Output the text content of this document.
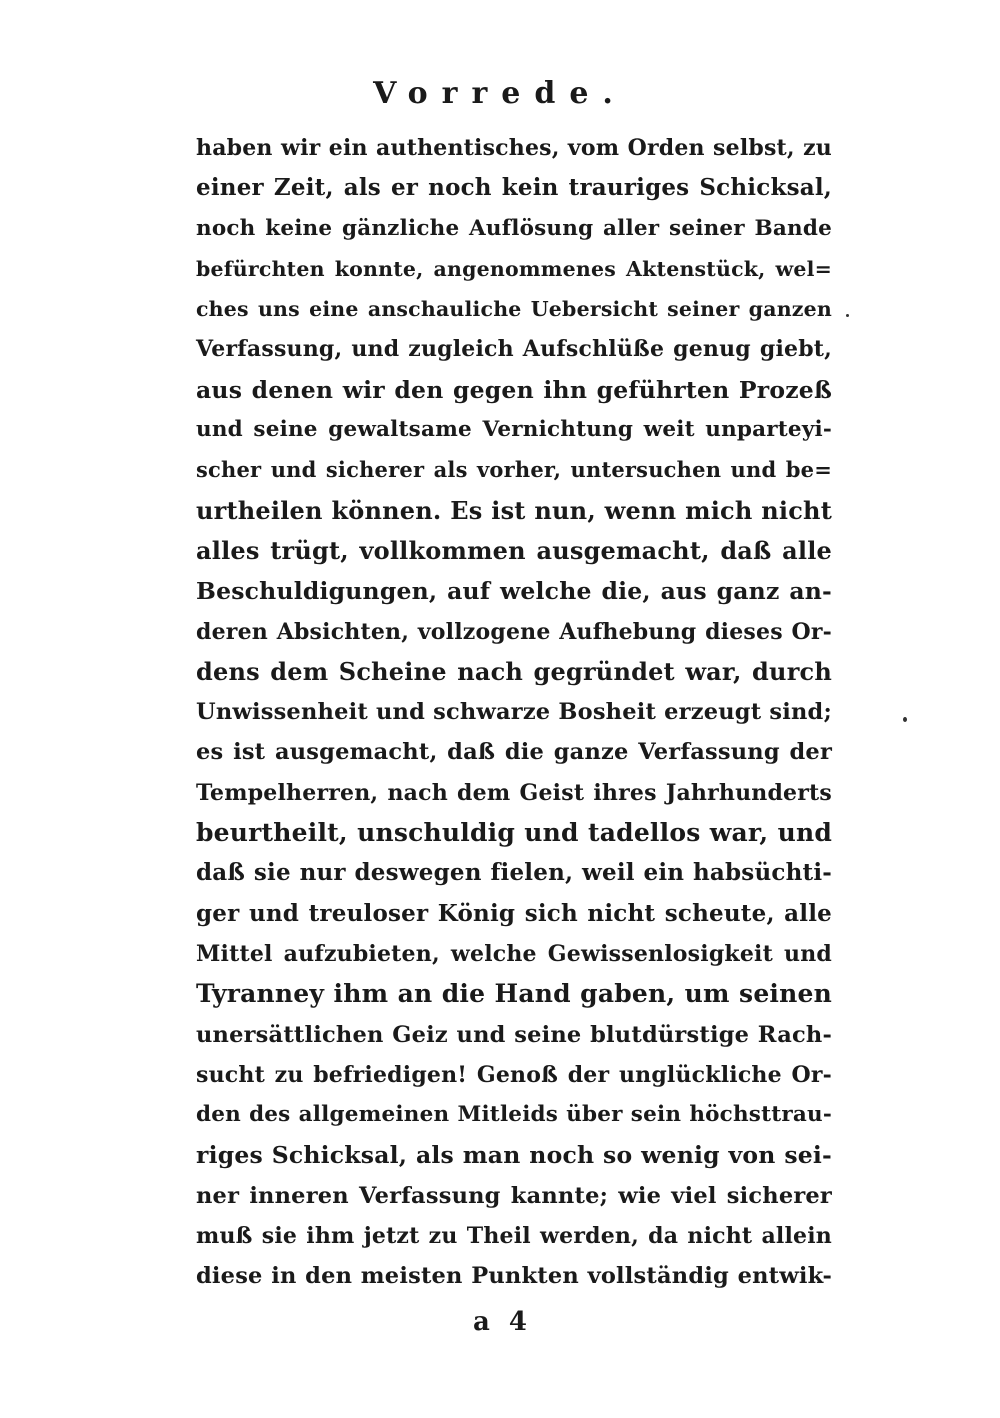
Vorrede.
haben wir ein authentisches, vom Orden selbst, zu
einer Zeit, als er noch kein trauriges Schicksal,
noch keine gänzliche Auflösung aller seiner Bande
befürchten konnte, angenommenes Aktenstück, wel=
ches uns eine anschauliche Uebersicht seiner ganzen
Verfassung, und zugleich Aufschlüße genug giebt,
aus denen wir den gegen ihn geführten Prozeß
und seine gewaltsame Vernichtung weit unparteyi-
scher und sicherer als vorher, untersuchen und be=
urtheilen können. Es ist nun, wenn mich nicht
alles trügt, vollkommen ausgemacht, daß alle
Beschuldigungen, auf welche die, aus ganz an-
deren Absichten, vollzogene Aufhebung dieses Or-
dens dem Scheine nach gegründet war, durch
Unwissenheit und schwarze Bosheit erzeugt sind;
es ist ausgemacht, daß die ganze Verfassung der
Tempelherren, nach dem Geist ihres Jahrhunderts
beurtheilt, unschuldig und tadellos war, und
daß sie nur deswegen fielen, weil ein habsüchti-
ger und treuloser König sich nicht scheute, alle
Mittel aufzubieten, welche Gewissenlosigkeit und
Tyranney ihm an die Hand gaben, um seinen
unersättlichen Geiz und seine blutdürstige Rach-
sucht zu befriedigen! Genoß der unglückliche Or-
den des allgemeinen Mitleids über sein höchsttrau-
riges Schicksal, als man noch so wenig von sei-
ner inneren Verfassung kannte; wie viel sicherer
muß sie ihm jetzt zu Theil werden, da nicht allein
diese in den meisten Punkten vollständig entwik-
a 4
